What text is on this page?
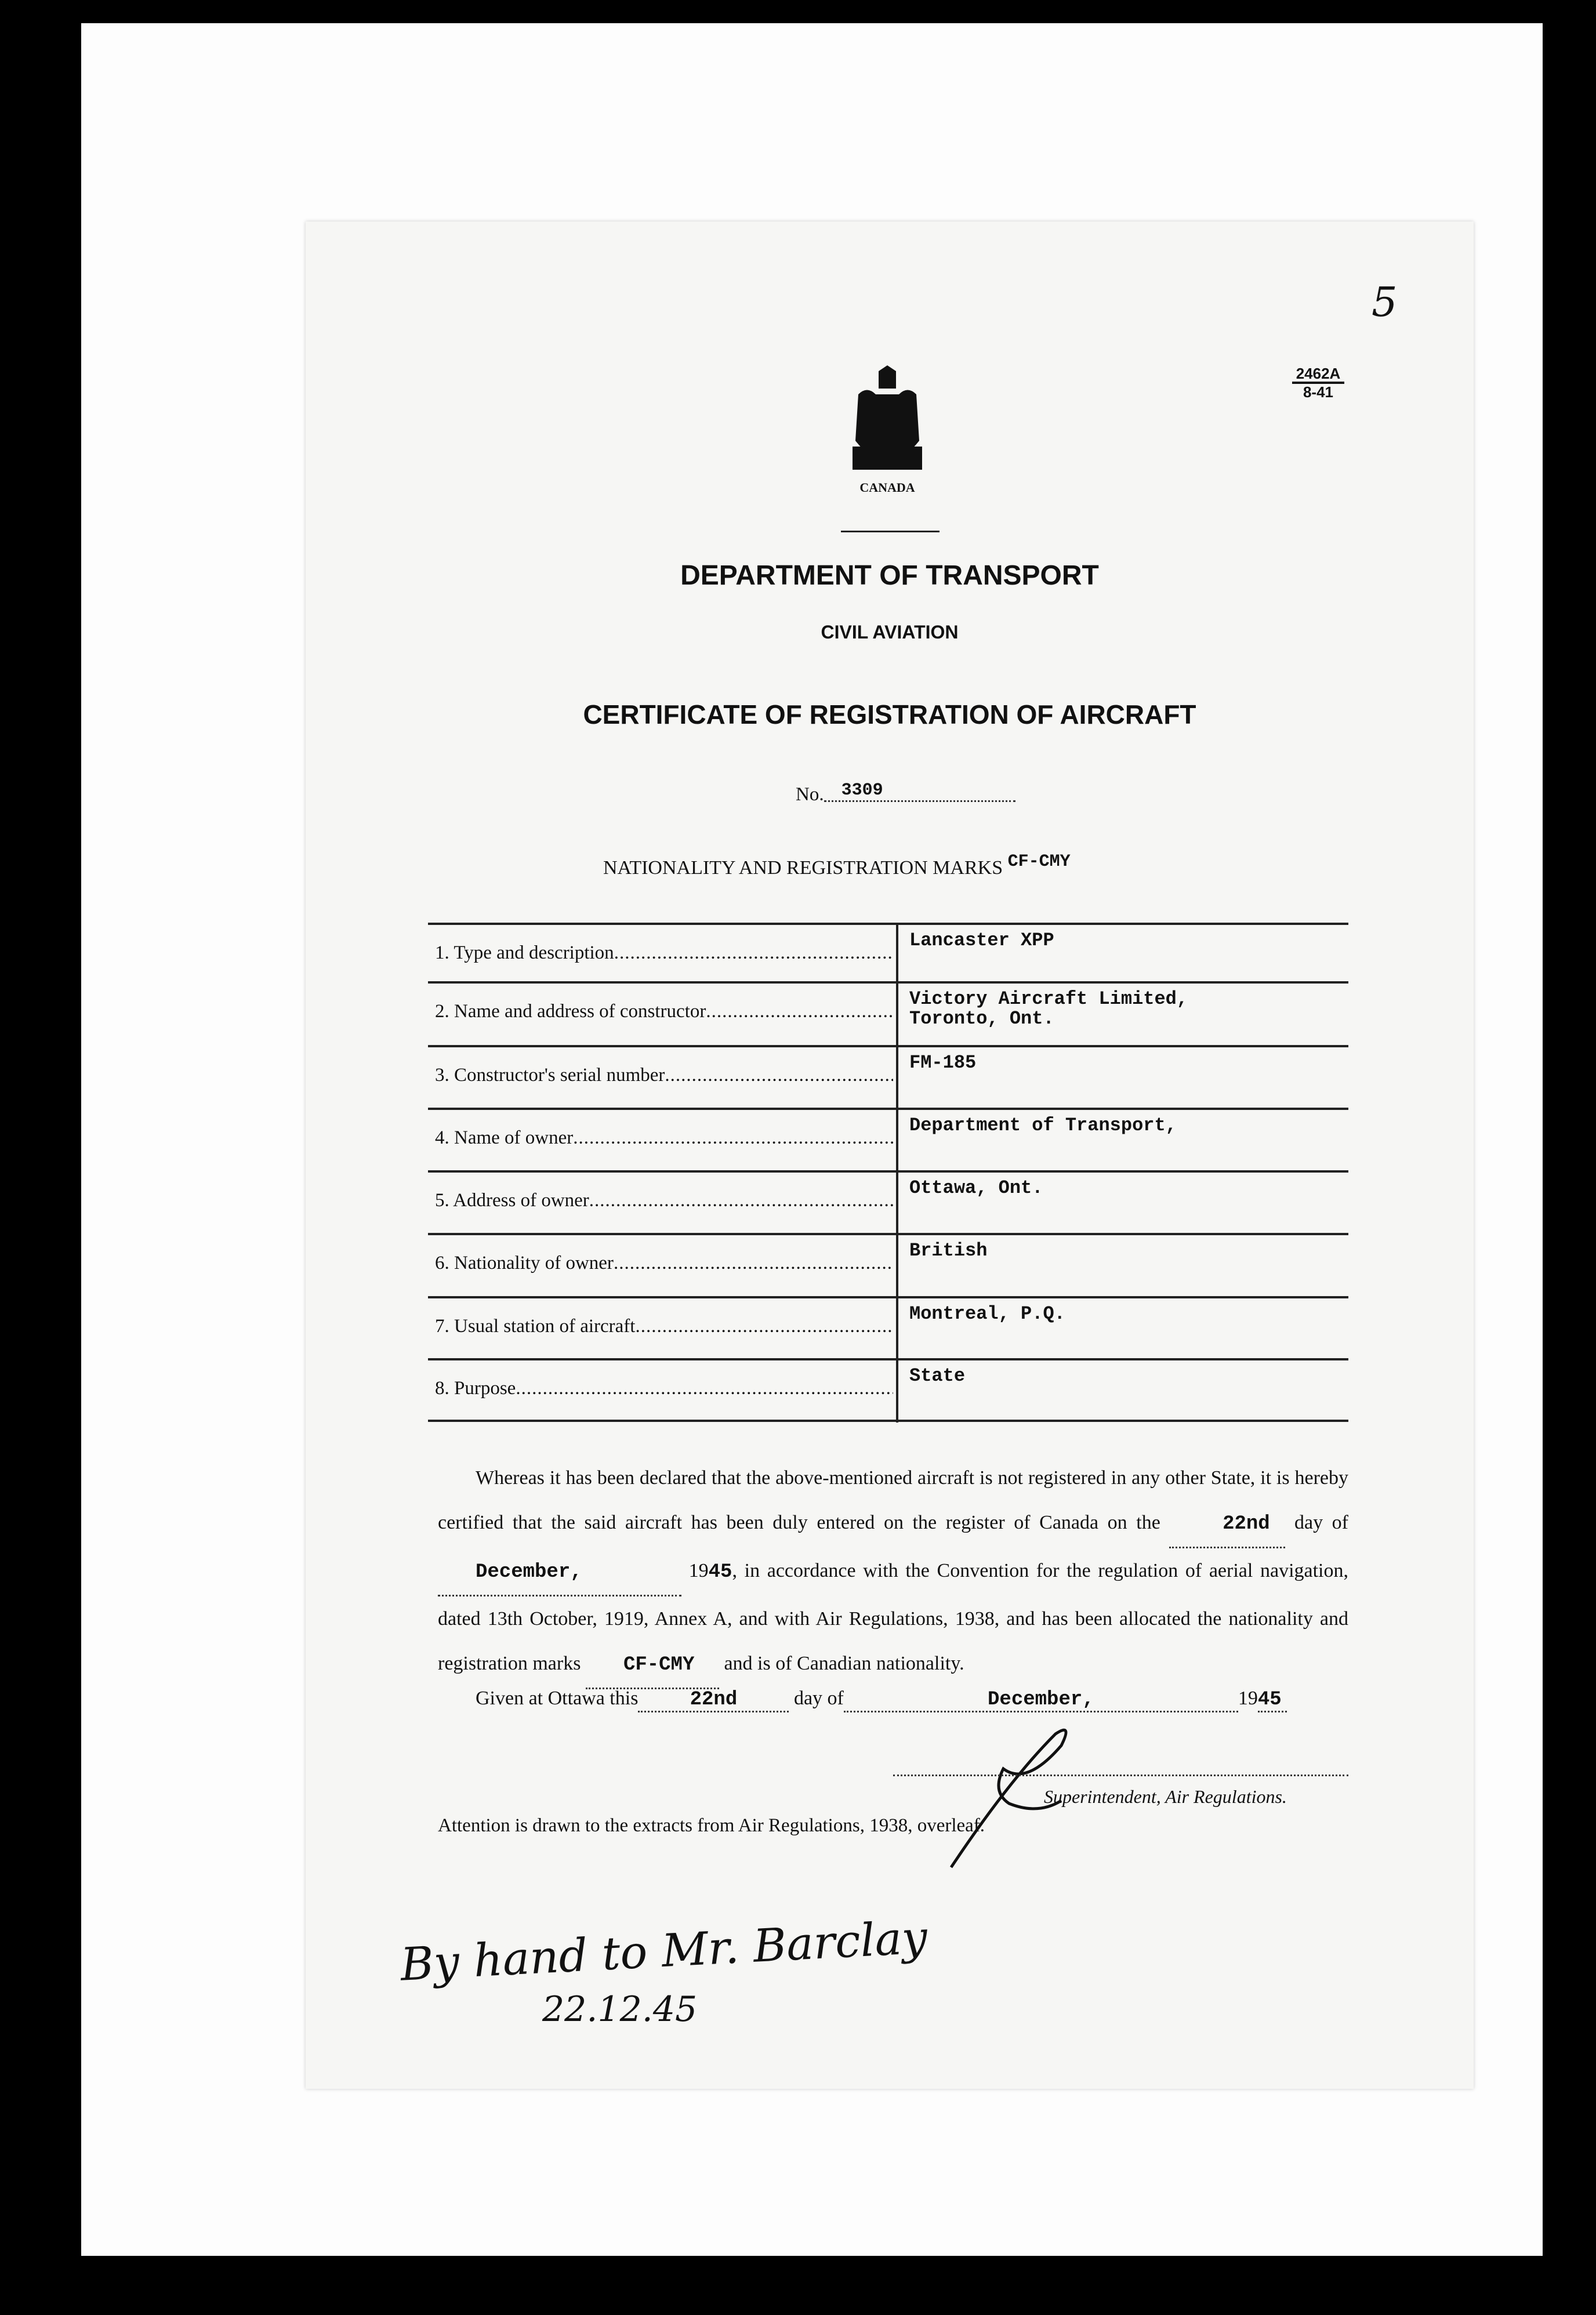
5
2462A
8-41
CANADA
DEPARTMENT OF TRANSPORT
CIVIL AVIATION
CERTIFICATE OF REGISTRATION OF AIRCRAFT
No. 3309
NATIONALITY AND REGISTRATION MARKS CF-CMY
1. Type and description .....
Lancaster XPP
2. Name and address of constructor .....
Victory Aircraft Limited,
Toronto, Ont.
3. Constructor's serial number .....
FM-185
4. Name of owner .....
Department of Transport,
5. Address of owner .....
Ottawa, Ont.
6. Nationality of owner .....
British
7. Usual station of aircraft .....
Montreal, P.Q.
8. Purpose .....
State
Whereas it has been declared that the above-mentioned aircraft is not registered in any other State, it is hereby certified that the said aircraft has been duly entered on the register of Canada on the	22nd day of December,	1945, in accordance with the Convention for the regulation of aerial navigation, dated 13th October, 1919, Annex A, and with Air Regulations, 1938, and has been allocated the nationality and registration marks CF-CMY and is of Canadian nationality.
Given at Ottawa this	22nd	day of	December,	1945
Superintendent, Air Regulations.
Attention is drawn to the extracts from Air Regulations, 1938, overleaf.
By hand to Mr. Barclay
22.12.45
